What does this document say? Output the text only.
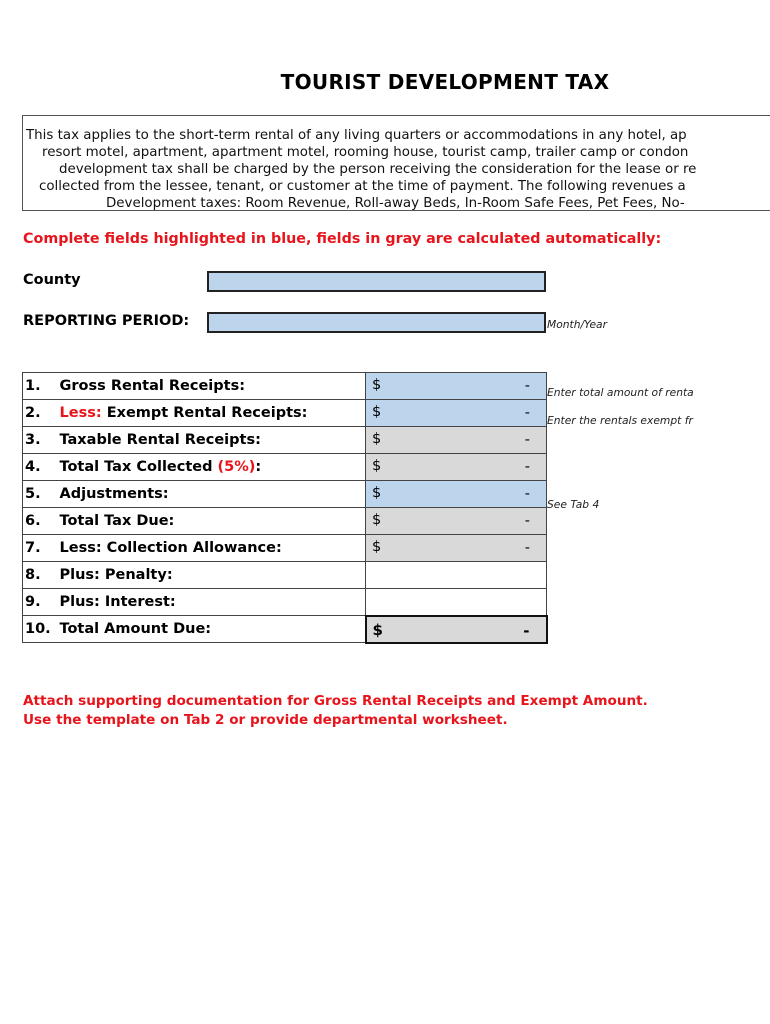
TOURIST DEVELOPMENT TAX
This tax applies to the short-term rental of any living quarters or accommodations in any hotel, ap
resort motel, apartment, apartment motel, rooming house, tourist camp, trailer camp or condon
development tax shall be charged by the person receiving the consideration for the lease or re
collected from the lessee, tenant, or customer at the time of payment. The following revenues a
Development taxes: Room Revenue, Roll-away Beds, In-Room Safe Fees, Pet Fees, No-
Complete fields highlighted in blue, fields in gray are calculated automatically:
County
REPORTING PERIOD:	Month/Year
1.	Gross Rental Receipts:	$ -

2.	Less: Exempt Rental Receipts:	$ -

3.	Taxable Rental Receipts:	$ -

4.	Total Tax Collected (5%):	$ -

5.	Adjustments:	$ -

6.	Total Tax Due:	$ -

7.	Less: Collection Allowance:	$ -

8.	Plus: Penalty:	
9.	Plus: Interest:	
10.	Total Amount Due:	$ -
Enter total amount of renta
Enter the rentals exempt fr
See Tab 4
Attach supporting documentation for Gross Rental Receipts and Exempt Amount.
Use the template on Tab 2 or provide departmental worksheet.
